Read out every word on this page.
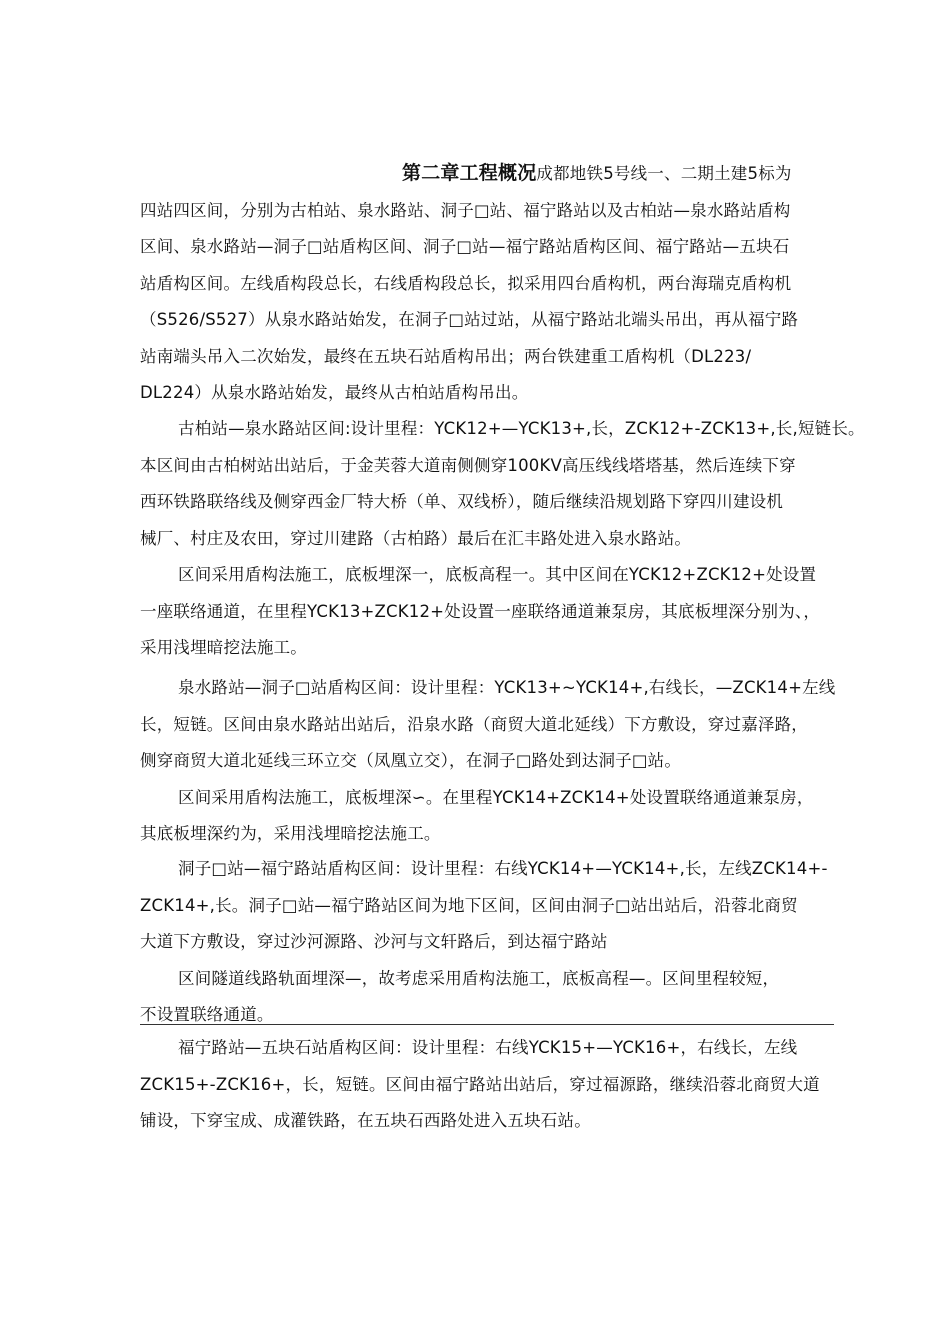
第二章工程概况成都地铁5号线一、二期土建5标为
四站四区间，分别为古柏站、泉水路站、洞子□站、福宁路站以及古柏站—泉水路站盾构
区间、泉水路站—洞子□站盾构区间、洞子□站—福宁路站盾构区间、福宁路站—五块石
站盾构区间。左线盾构段总长，右线盾构段总长，拟采用四台盾构机，两台海瑞克盾构机
（S526/S527）从泉水路站始发，在洞子□站过站，从福宁路站北端头吊出，再从福宁路
站南端头吊入二次始发，最终在五块石站盾构吊出；两台铁建重工盾构机（DL223/
DL224）从泉水路站始发，最终从古柏站盾构吊出。
古柏站—泉水路站区间:设计里程：YCK12+—YCK13+,长，ZCK12+-ZCK13+,长,短链长。
本区间由古柏树站出站后，于金芙蓉大道南侧侧穿100KV高压线线塔塔基，然后连续下穿
西环铁路联络线及侧穿西金厂特大桥（单、双线桥），随后继续沿规划路下穿四川建设机
械厂、村庄及农田，穿过川建路（古柏路）最后在汇丰路处进入泉水路站。
区间采用盾构法施工，底板埋深一，底板高程一。其中区间在YCK12+ZCK12+处设置
一座联络通道，在里程YCK13+ZCK12+处设置一座联络通道兼泵房，其底板埋深分别为、，
采用浅埋暗挖法施工。
泉水路站—洞子□站盾构区间：设计里程：YCK13+~YCK14+,右线长，—ZCK14+左线
长，短链。区间由泉水路站出站后，沿泉水路（商贸大道北延线）下方敷设，穿过嘉泽路，
侧穿商贸大道北延线三环立交（凤凰立交），在洞子□路处到达洞子□站。
区间采用盾构法施工，底板埋深∽。在里程YCK14+ZCK14+处设置联络通道兼泵房，
其底板埋深约为，采用浅埋暗挖法施工。
洞子□站—福宁路站盾构区间：设计里程：右线YCK14+—YCK14+,长，左线ZCK14+-
ZCK14+,长。洞子□站—福宁路站区间为地下区间，区间由洞子□站出站后，沿蓉北商贸
大道下方敷设，穿过沙河源路、沙河与文轩路后，到达福宁路站
区间隧道线路轨面埋深—，故考虑采用盾构法施工，底板高程—。区间里程较短，
不设置联络通道。
福宁路站—五块石站盾构区间：设计里程：右线YCK15+—YCK16+，右线长，左线
ZCK15+-ZCK16+，长，短链。区间由福宁路站出站后，穿过福源路，继续沿蓉北商贸大道
铺设，下穿宝成、成灌铁路，在五块石西路处进入五块石站。
